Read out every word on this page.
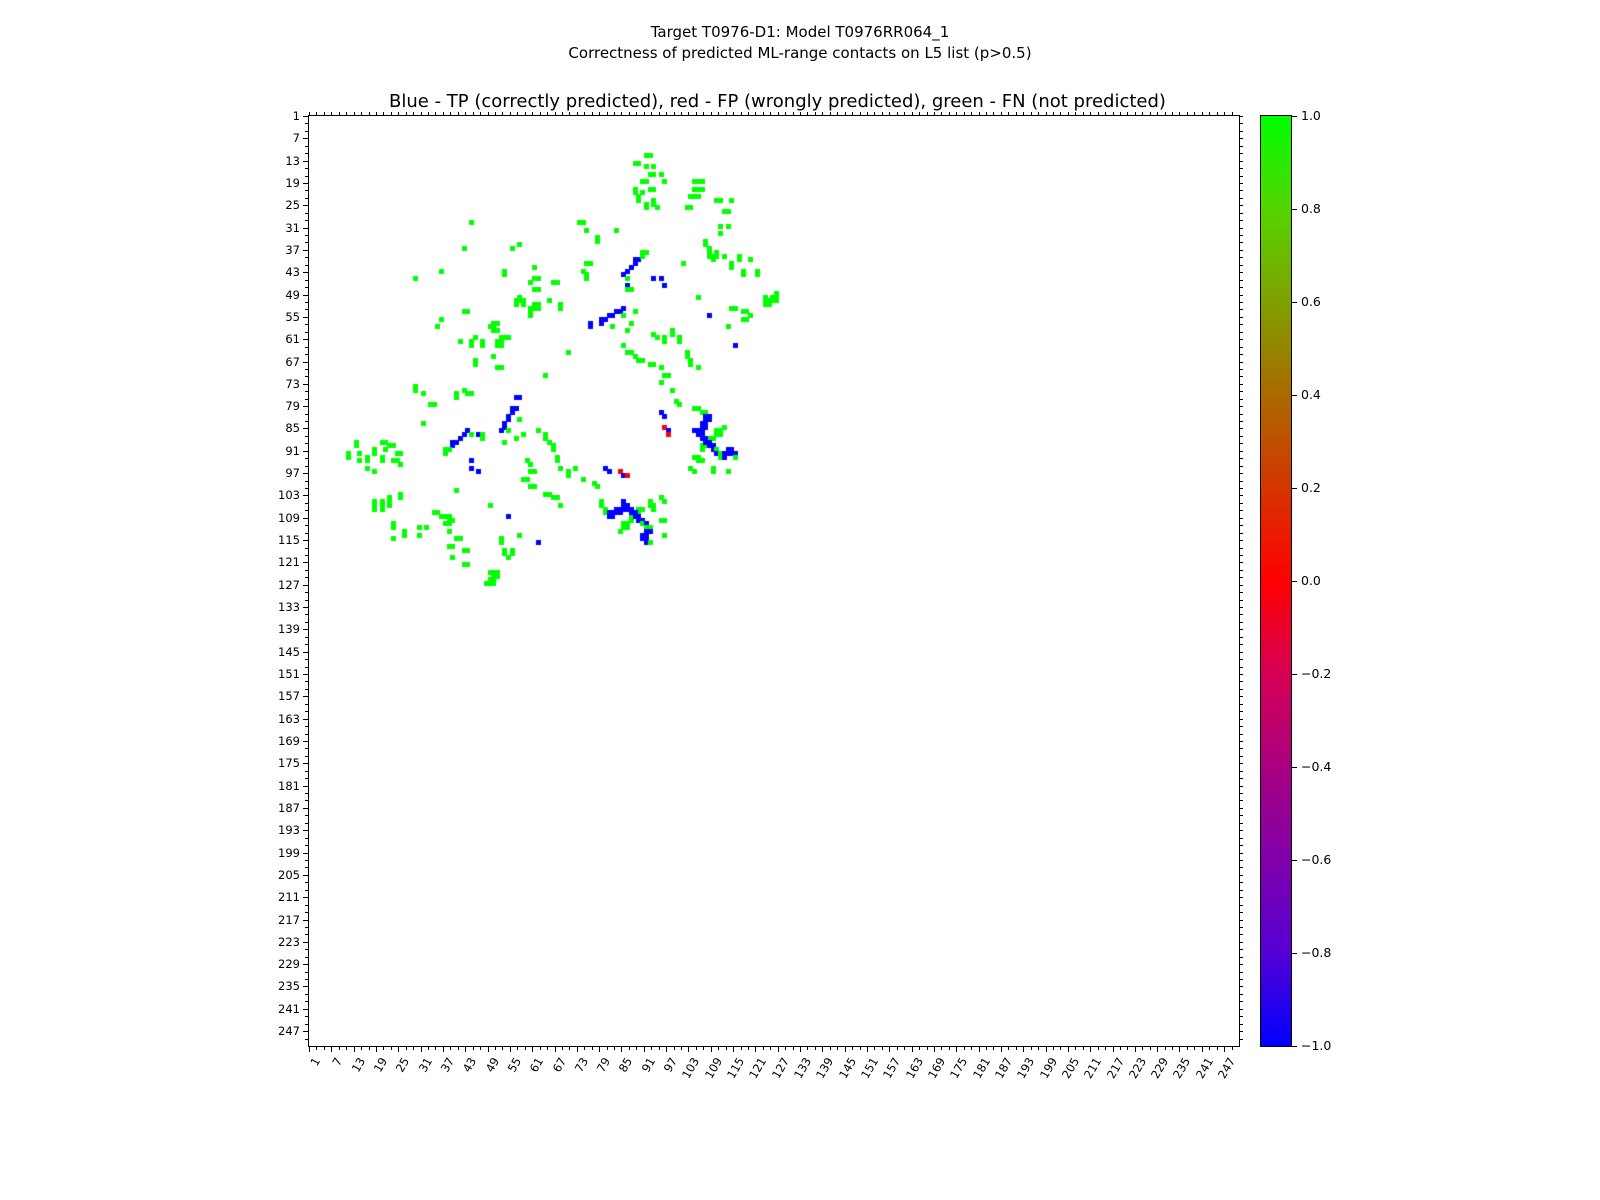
Target T0976-D1: Model T0976RR064_1
Correctness of predicted ML-range contacts on L5 list (p>0.5)
Blue - TP (correctly predicted), red - FP (wrongly predicted), green - FN (not predicted)
1
7
13
19
25
31
37
43
49
55
61
67
73
79
85
91
97
103
109
115
121
127
133
139
145
151
157
163
169
175
181
187
193
199
205
211
217
223
229
235
241
247
1 7 13 19 25 31 37 43 49 55 61 67 73 79 85 91 97 103 109 115 121 127 133 139 145 151 157 163 169 175 181 187 193 199 205 211 217 223 229 235 241 247
1.0
0.8
0.6
0.4
0.2
0.0
−0.2
−0.4
−0.6
−0.8
−1.0
